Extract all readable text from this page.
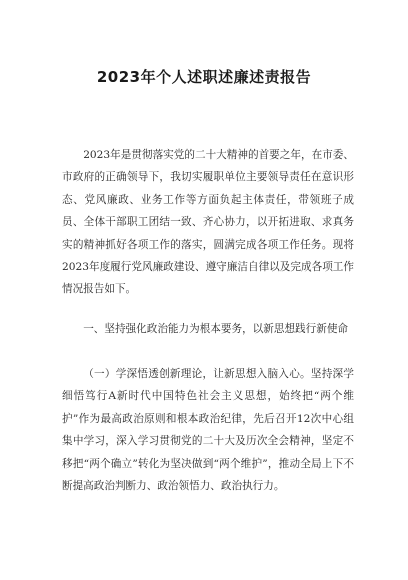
2023年个人述职述廉述责报告

2023年是贯彻落实党的二十大精神的首要之年，在市委、市政府的正确领导下，我切实履职单位主要领导责任在意识形态、党风廉政、业务工作等方面负起主体责任，带领班子成员、全体干部职工团结一致、齐心协力，以开拓进取、求真务实的精神抓好各项工作的落实，圆满完成各项工作任务。现将2023年度履行党风廉政建设、遵守廉洁自律以及完成各项工作情况报告如下。

一、坚持强化政治能力为根本要务，以新思想践行新使命

（一）学深悟透创新理论，让新思想入脑入心。坚持深学细悟笃行A新时代中国特色社会主义思想，始终把“两个维护”作为最高政治原则和根本政治纪律，先后召开12次中心组集中学习，深入学习贯彻党的二十大及历次全会精神，坚定不移把“两个确立”转化为坚决做到“两个维护”，推动全局上下不断提高政治判断力、政治领悟力、政治执行力。
